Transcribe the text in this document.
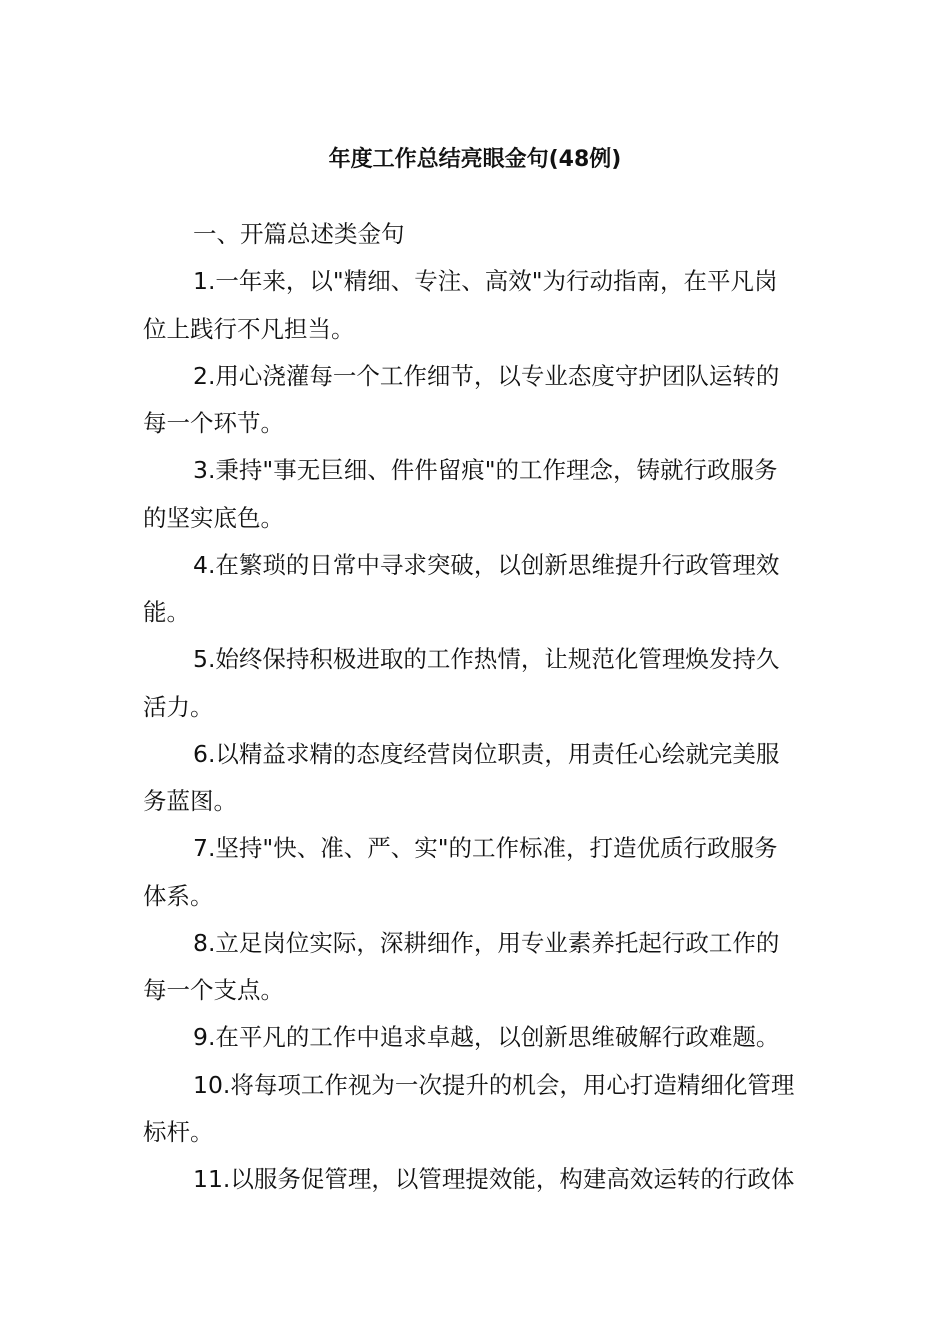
年度工作总结亮眼金句(48例)
一、开篇总述类金句
1.一年来，以"精细、专注、高效"为行动指南，在平凡岗
位上践行不凡担当。
2.用心浇灌每一个工作细节，以专业态度守护团队运转的
每一个环节。
3.秉持"事无巨细、件件留痕"的工作理念，铸就行政服务
的坚实底色。
4.在繁琐的日常中寻求突破，以创新思维提升行政管理效
能。
5.始终保持积极进取的工作热情，让规范化管理焕发持久
活力。
6.以精益求精的态度经营岗位职责，用责任心绘就完美服
务蓝图。
7.坚持"快、准、严、实"的工作标准，打造优质行政服务
体系。
8.立足岗位实际，深耕细作，用专业素养托起行政工作的
每一个支点。
9.在平凡的工作中追求卓越，以创新思维破解行政难题。
10.将每项工作视为一次提升的机会，用心打造精细化管理
标杆。
11.以服务促管理，以管理提效能，构建高效运转的行政体
